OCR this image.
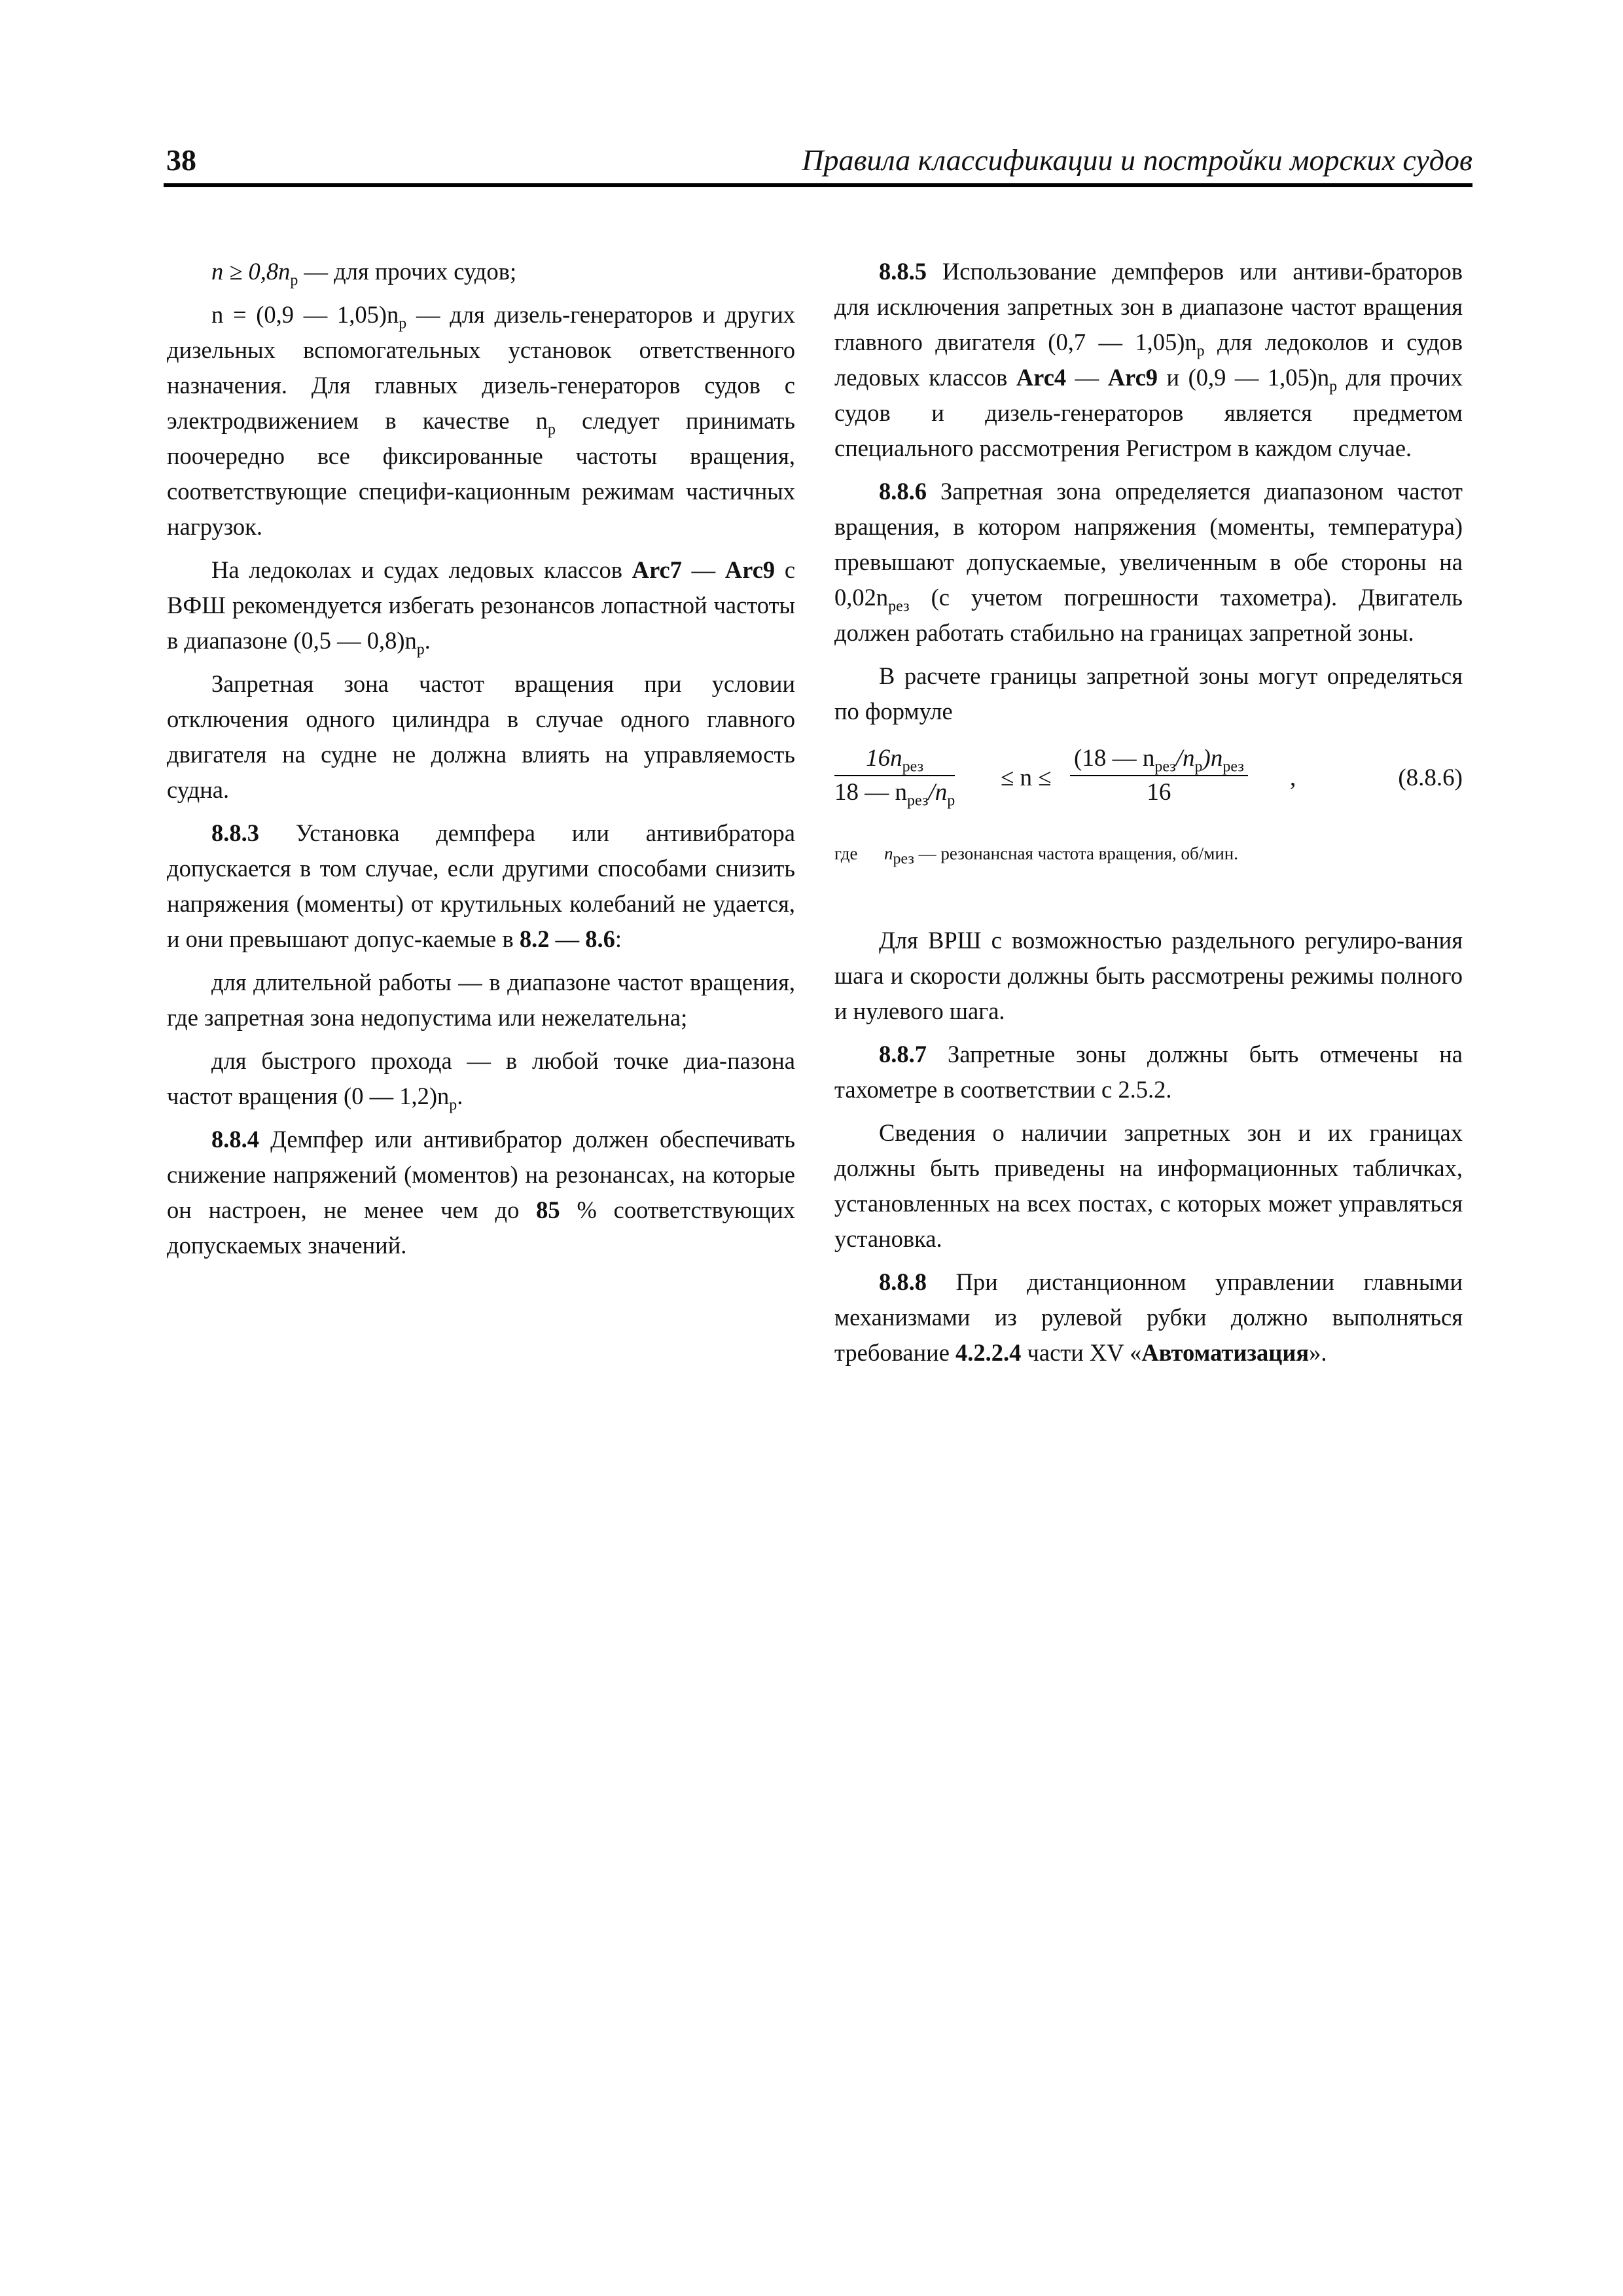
38	Правила классификации и постройки морских судов

$n \ge 0,8n_р$ — для прочих судов;

n = (0,9 — $1,05)n_р$ — для дизель-генераторов и других дизельных вспомогательных установок ответственного назначения. Для главных дизель-генераторов судов с электродвижением в качестве $n_р$ следует принимать поочередно все фиксированные частоты вращения, соответствующие специфи-кационным режимам частичных нагрузок.

На ледоколах и судах ледовых классов Arc7 — Arc9 с ВФШ рекомендуется избегать резонансов лопастной частоты в диапазоне (0,5 — $0,8)n_р$.

Запретная зона частот вращения при условии отключения одного цилиндра в случае одного главного двигателя на судне не должна влиять на управляемость судна.

8.8.3 Установка демпфера или антивибратора допускается в том случае, если другими способами снизить напряжения (моменты) от крутильных колебаний не удается, и они превышают допус-каемые в 8.2 — 8.6:

для длительной работы — в диапазоне частот вращения, где запретная зона недопустима или нежелательна;

для быстрого прохода — в любой точке диа-пазона частот вращения (0 — $1,2)n_р$.

8.8.4 Демпфер или антивибратор должен обеспечивать снижение напряжений (моментов) на резонансах, на которые он настроен, не менее чем до 85 % соответствующих допускаемых значений.

8.8.5 Использование демпферов или антиви-браторов для исключения запретных зон в диапазоне частот вращения главного двигателя (0,7 — $1,05)n_р$ для ледоколов и судов ледовых классов Arc4 — Arc9 и (0,9 — $1,05)n_р$ для прочих судов и дизель-генераторов является предметом специального рассмотрения Регистром в каждом случае.

8.8.6 Запретная зона определяется диапазоном частот вращения, в котором напряжения (моменты, температура) превышают допускаемые, увеличенным в обе стороны на $0,02n_{рез}$ (с учетом погрешности тахометра). Двигатель должен работать стабильно на границах запретной зоны.

В расчете границы запретной зоны могут определяться по формуле

$16n_{рез}$
18 — $n_{рез}/n_р$
≤ n ≤
(18 — $n_{рез}/n_р)n_{рез}$
16
,	(8.8.6)

где $n_{рез}$ — резонансная частота вращения, об/мин.

Для ВРШ с возможностью раздельного регулиро-вания шага и скорости должны быть рассмотрены режимы полного и нулевого шага.

8.8.7 Запретные зоны должны быть отмечены на тахометре в соответствии с 2.5.2.

Сведения о наличии запретных зон и их границах должны быть приведены на информационных табличках, установленных на всех постах, с которых может управляться установка.

8.8.8 При дистанционном управлении главными механизмами из рулевой рубки должно выполняться требование 4.2.2.4 части XV «Автоматизация».
